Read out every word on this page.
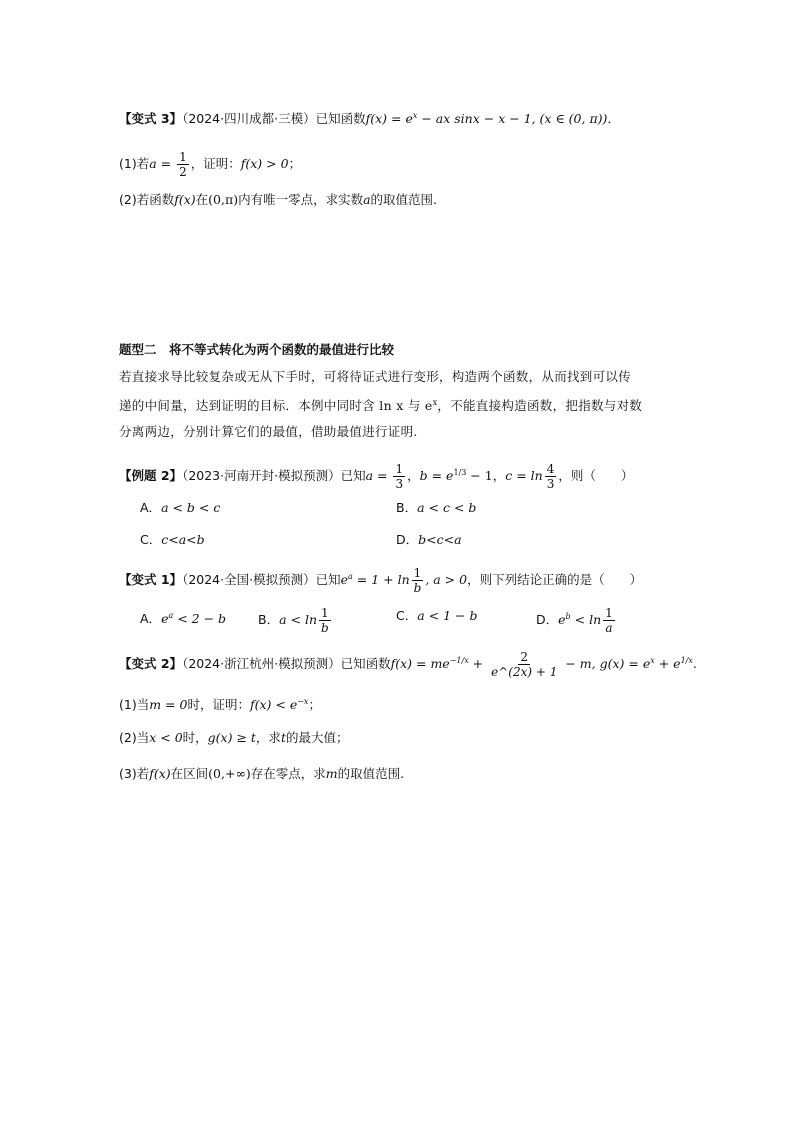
【变式 3】（2024·四川成都·三模）已知函数$f(x) = e^x$ − ax sinx − x − 1, (x ∈ (0, π))．
(1)若$a = \frac{1}{2}$ ，证明：f(x) > 0；
(2)若函数f(x)在(0,π)内有唯一零点，求实数a的取值范围.
题型二　将不等式转化为两个函数的最值进行比较
若直接求导比较复杂或无从下手时，可将待证式进行变形，构造两个函数，从而找到可以传
递的中间量，达到证明的目标．本例中同时含 ln x 与 $e^x$，不能直接构造函数，把指数与对数
分离两边，分别计算它们的最值，借助最值进行证明.
【例题 2】（2023·河南开封·模拟预测）已知$a = \frac{1}{3}$ ，$b = e^{1/3} - 1$，$c = \ln \frac{4}{3}$ ，则（　　）
A．a < b < c	B．a < c < b
C．c<a<b	D．b<c<a
【变式 1】（2024·全国·模拟预测）已知$e^a = 1 + \ln \frac{1}{b}$ , a > 0，则下列结论正确的是（　　）
A．$e^a < 2 - b$	B．$a < \ln \frac{1}{b}$	C．a < 1 − b	D．$e^b < \ln \frac{1}{a}$
【变式 2】（2024·浙江杭州·模拟预测）已知函数$f(x) = me^{-1/x} + \frac{2}{e\^{}(2x) + 1} - m$, $g(x) = e^x + e^{1/x}$.
(1)当m = 0时，证明：$f(x) < e^{-x}$；
(2)当x < 0时，g(x) ≥ t，求t的最大值；
(3)若f(x)在区间(0,+∞)存在零点，求m的取值范围.
